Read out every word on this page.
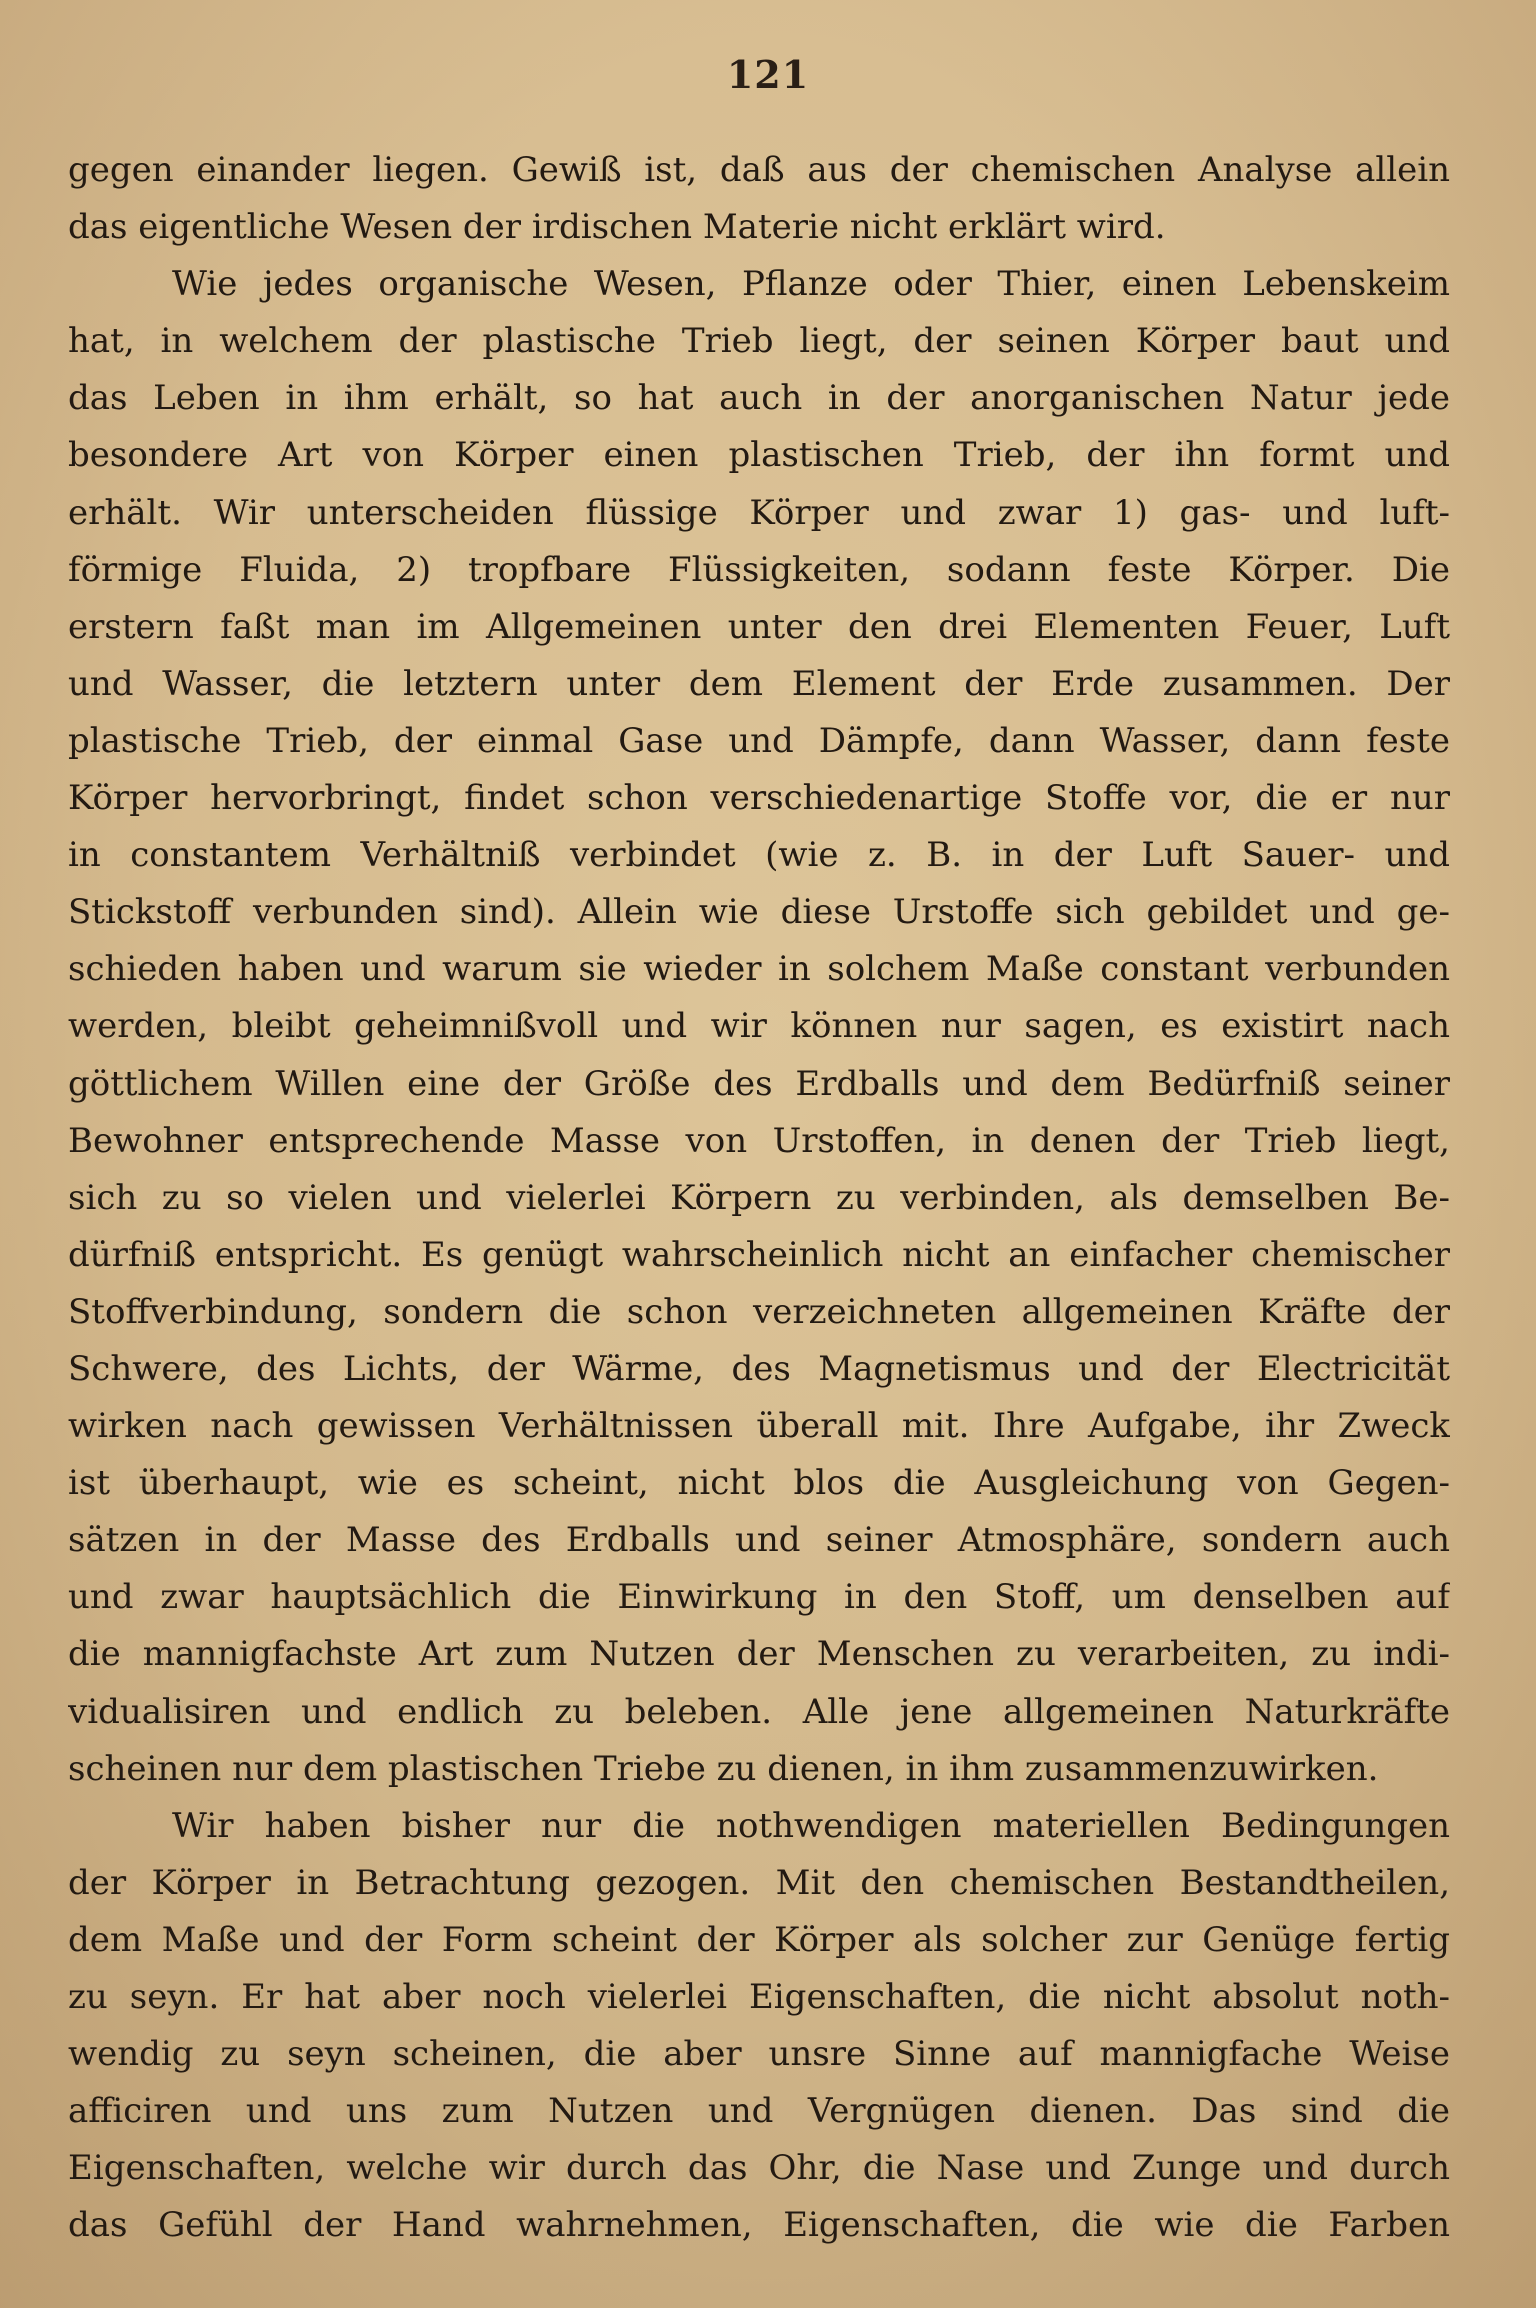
121
gegen einander liegen. Gewiß ist, daß aus der chemischen Analyse allein
das eigentliche Wesen der irdischen Materie nicht erklärt wird.
Wie jedes organische Wesen, Pflanze oder Thier, einen Lebenskeim
hat, in welchem der plastische Trieb liegt, der seinen Körper baut und
das Leben in ihm erhält, so hat auch in der anorganischen Natur jede
besondere Art von Körper einen plastischen Trieb, der ihn formt und
erhält. Wir unterscheiden flüssige Körper und zwar 1) gas- und luft-
förmige Fluida, 2) tropfbare Flüssigkeiten, sodann feste Körper. Die
erstern faßt man im Allgemeinen unter den drei Elementen Feuer, Luft
und Wasser, die letztern unter dem Element der Erde zusammen. Der
plastische Trieb, der einmal Gase und Dämpfe, dann Wasser, dann feste
Körper hervorbringt, findet schon verschiedenartige Stoffe vor, die er nur
in constantem Verhältniß verbindet (wie z. B. in der Luft Sauer- und
Stickstoff verbunden sind). Allein wie diese Urstoffe sich gebildet und ge-
schieden haben und warum sie wieder in solchem Maße constant verbunden
werden, bleibt geheimnißvoll und wir können nur sagen, es existirt nach
göttlichem Willen eine der Größe des Erdballs und dem Bedürfniß seiner
Bewohner entsprechende Masse von Urstoffen, in denen der Trieb liegt,
sich zu so vielen und vielerlei Körpern zu verbinden, als demselben Be-
dürfniß entspricht. Es genügt wahrscheinlich nicht an einfacher chemischer
Stoffverbindung, sondern die schon verzeichneten allgemeinen Kräfte der
Schwere, des Lichts, der Wärme, des Magnetismus und der Electricität
wirken nach gewissen Verhältnissen überall mit. Ihre Aufgabe, ihr Zweck
ist überhaupt, wie es scheint, nicht blos die Ausgleichung von Gegen-
sätzen in der Masse des Erdballs und seiner Atmosphäre, sondern auch
und zwar hauptsächlich die Einwirkung in den Stoff, um denselben auf
die mannigfachste Art zum Nutzen der Menschen zu verarbeiten, zu indi-
vidualisiren und endlich zu beleben. Alle jene allgemeinen Naturkräfte
scheinen nur dem plastischen Triebe zu dienen, in ihm zusammenzuwirken.
Wir haben bisher nur die nothwendigen materiellen Bedingungen
der Körper in Betrachtung gezogen. Mit den chemischen Bestandtheilen,
dem Maße und der Form scheint der Körper als solcher zur Genüge fertig
zu seyn. Er hat aber noch vielerlei Eigenschaften, die nicht absolut noth-
wendig zu seyn scheinen, die aber unsre Sinne auf mannigfache Weise
afficiren und uns zum Nutzen und Vergnügen dienen. Das sind die
Eigenschaften, welche wir durch das Ohr, die Nase und Zunge und durch
das Gefühl der Hand wahrnehmen, Eigenschaften, die wie die Farben
